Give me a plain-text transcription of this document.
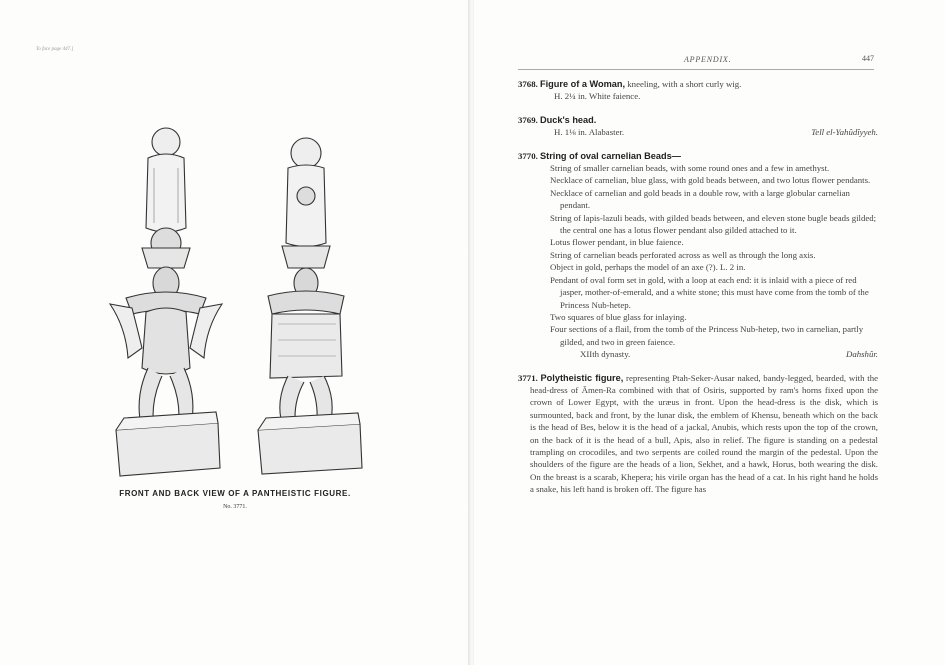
To face page 447.]
FRONT AND BACK VIEW OF A PANTHEISTIC FIGURE.
No. 3771.
APPENDIX.	447
3768. Figure of a Woman, kneeling, with a short curly wig.
H. 2¼ in. White faience.
3769. Duck's head.
Tell el-Yahûdîyyeh.
H. 1⅛ in. Alabaster.
3770. String of oval carnelian Beads—
String of smaller carnelian beads, with some round ones and a few in amethyst.
Necklace of carnelian, blue glass, with gold beads between, and two lotus flower pendants.
Necklace of carnelian and gold beads in a double row, with a large globular carnelian pendant.
String of lapis-lazuli beads, with gilded beads between, and eleven stone bugle beads gilded; the central one has a lotus flower pendant also gilded attached to it.
Lotus flower pendant, in blue faience.
String of carnelian beads perforated across as well as through the long axis.
Object in gold, perhaps the model of an axe (?). L. 2 in.
Pendant of oval form set in gold, with a loop at each end: it is inlaid with a piece of red jasper, mother-of-emerald, and a white stone; this must have come from the tomb of the Princess Nub-hetep.
Two squares of blue glass for inlaying.
Four sections of a flail, from the tomb of the Princess Nub-hetep, two in carnelian, partly gilded, and two in green faience.
Dahshûr.
XIIth dynasty.
3771. Polytheistic figure, representing Ptah-Seker-Ausar naked, bandy-legged, bearded, with the head-dress of Āmen-Ra combined with that of Osiris, supported by ram's horns fixed upon the crown of Lower Egypt, with the uræus in front. Upon the head-dress is the disk, which is surmounted, back and front, by the lunar disk, the emblem of Khensu, beneath which on the back is the head of Bes, below it is the head of a jackal, Anubis, which rests upon the top of the crown, on the back of it is the head of a bull, Apis, also in relief. The figure is standing on a pedestal trampling on crocodiles, and two serpents are coiled round the margin of the pedestal. Upon the shoulders of the figure are the heads of a lion, Sekhet, and a hawk, Horus, both wearing the disk. On the breast is a scarab, Khepera; his virile organ has the head of a cat. In his right hand he holds a snake, his left hand is broken off. The figure has
